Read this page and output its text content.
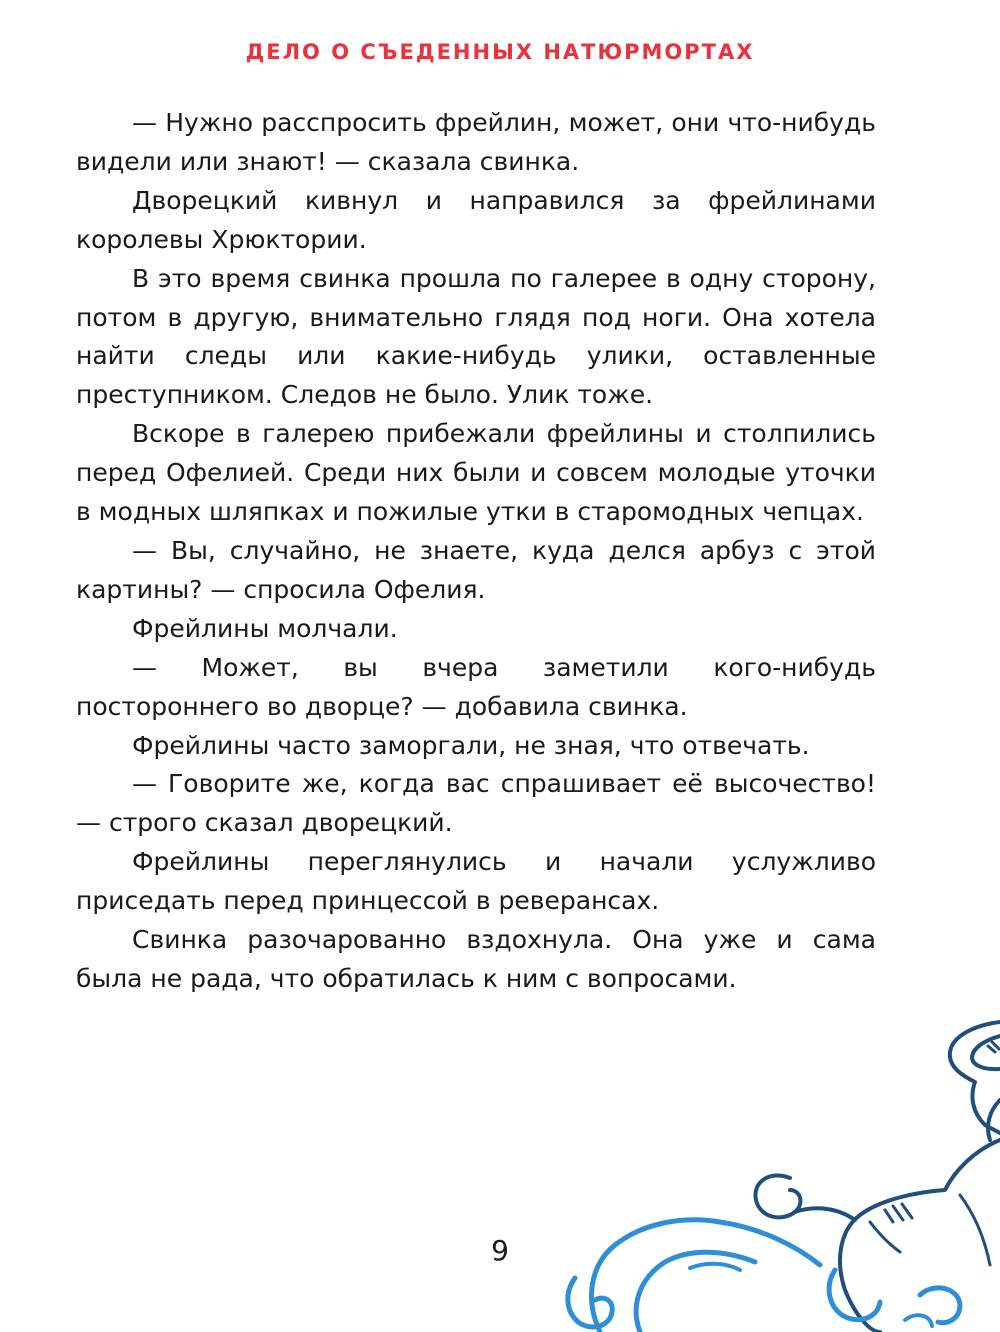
ДЕЛО О СЪЕДЕННЫХ НАТЮРМОРТАХ

— Нужно расспросить фрейлин, может, они что-нибудь видели или знают! — сказала свинка.

Дворецкий кивнул и направился за фрейлинами королевы Хрюктории.

В это время свинка прошла по галерее в одну сторону, потом в другую, внимательно глядя под ноги. Она хотела найти следы или какие-нибудь улики, оставленные преступником. Следов не было. Улик тоже.

Вскоре в галерею прибежали фрейлины и столпились перед Офелией. Среди них были и совсем молодые уточки в модных шляпках и пожилые утки в старомодных чепцах.

— Вы, случайно, не знаете, куда делся арбуз с этой картины? — спросила Офелия.

Фрейлины молчали.

— Может, вы вчера заметили кого-нибудь постороннего во дворце? — добавила свинка.

Фрейлины часто заморгали, не зная, что отвечать.

— Говорите же, когда вас спрашивает её высочество! — строго сказал дворецкий.

Фрейлины переглянулись и начали услужливо приседать перед принцессой в реверансах.

Свинка разочарованно вздохнула. Она уже и сама была не рада, что обратилась к ним с вопросами.

9
